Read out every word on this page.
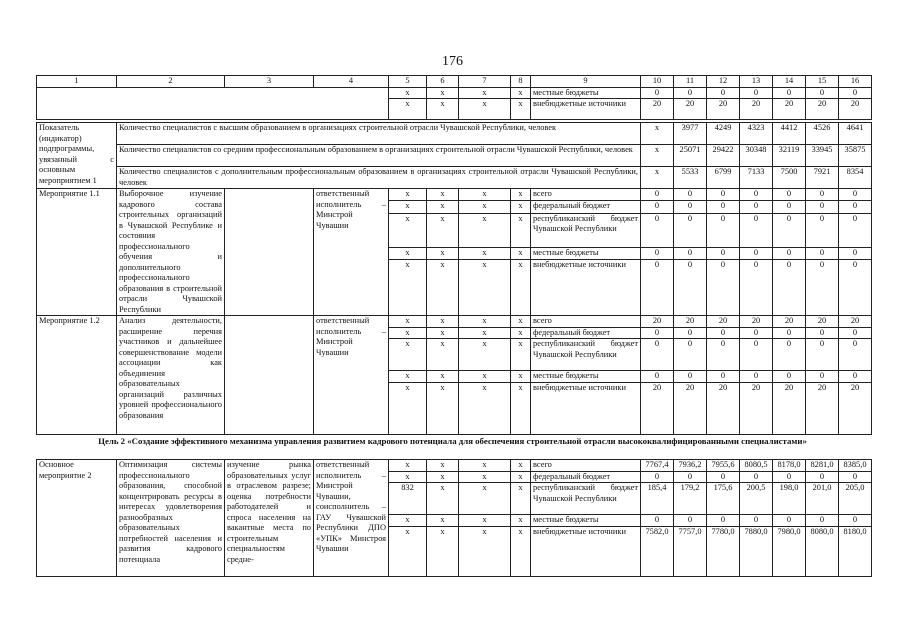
176
1	2	3	4	5	6	7	8	9	10	11	12	13	14	15	16	
				х	х	х	х	местные бюджеты	0	0	0	0	0	0	0	
				х	х	х	х	внебюджетные источники	20	20	20	20	20	20	20	

Показатель (индикатор) подпрограммы, увязанный с основным мероприятием 1	Количество специалистов с высшим образованием в организациях строительной отрасли Чувашской Республики, человек								х	3977	4249	4323	4412	4526	4641	
	Количество специалистов со средним профессиональным образованием в организациях строительной отрасли Чувашской Республики, человек								х	25071	29422	30348	32119	33945	35875	
	Количество специалистов с дополнительным профессиональным образованием в организациях строительной отрасли Чувашской Республики, человек								х	5533	6799	7133	7500	7921	8354	
Мероприятие 1.1	Выборочное изучение кадрового состава строительных организаций в Чувашской Республике и состояния профессионального обучения и дополнительного профессионального образования в строительной отрасли Чувашской Республики		ответственный исполнитель – Минстрой Чувашии	х	х	х	х	всего	0	0	0	0	0	0	0	
				х	х	х	х	федеральный бюджет	0	0	0	0	0	0	0	
				х	х	х	х	республиканский бюджет Чувашской Республики	0	0	0	0	0	0	0	
				х	х	х	х	местные бюджеты	0	0	0	0	0	0	0	
				х	х	х	х	внебюджетные источники	0	0	0	0	0	0	0	
Мероприятие 1.2	Анализ деятельности, расширение перечня участников и дальнейшее совершенствование модели ассоциации как объединения образовательных организаций различных уровней профессионального образования		ответственный исполнитель – Минстрой Чувашии	х	х	х	х	всего	20	20	20	20	20	20	20	
				х	х	х	х	федеральный бюджет	0	0	0	0	0	0	0	
				х	х	х	х	республиканский бюджет Чувашской Республики	0	0	0	0	0	0	0	
				х	х	х	х	местные бюджеты	0	0	0	0	0	0	0	
				х	х	х	х	внебюджетные источники	20	20	20	20	20	20	20	
Цель 2 «Создание эффективного механизма управления развитием кадрового потенциала для обеспечения строительной отрасли высококвалифицированными специалистами»
Основное мероприятие 2	Оптимизация системы профессионального образования, способной концентрировать ресурсы в интересах удовлетворения разнообразных образовательных потребностей населения и развития кадрового потенциала	изучение рынка образовательных услуг в отраслевом разрезе; оценка потребности работодателей и спроса населения на вакантные места по строительным специальностям средне-	ответственный исполнитель – Минстрой Чувашии, соисполнитель – ГАУ Чувашской Республики ДПО «УПК» Минстроя Чувашии	х	х	х	х	всего	7767,4	7936,2	7955,6	8080,5	8178,0	8281,0	8385,0
				х	х	х	х	федеральный бюджет	0	0	0	0	0	0	0
				832	х	х	х	республиканский бюджет Чувашской Республики	185,4	179,2	175,6	200,5	198,0	201,0	205,0
				х	х	х	х	местные бюджеты	0	0	0	0	0	0	0
				х	х	х	х	внебюджетные источники	7582,0	7757,0	7780,0	7880,0	7980,0	8080,0	8180,0
